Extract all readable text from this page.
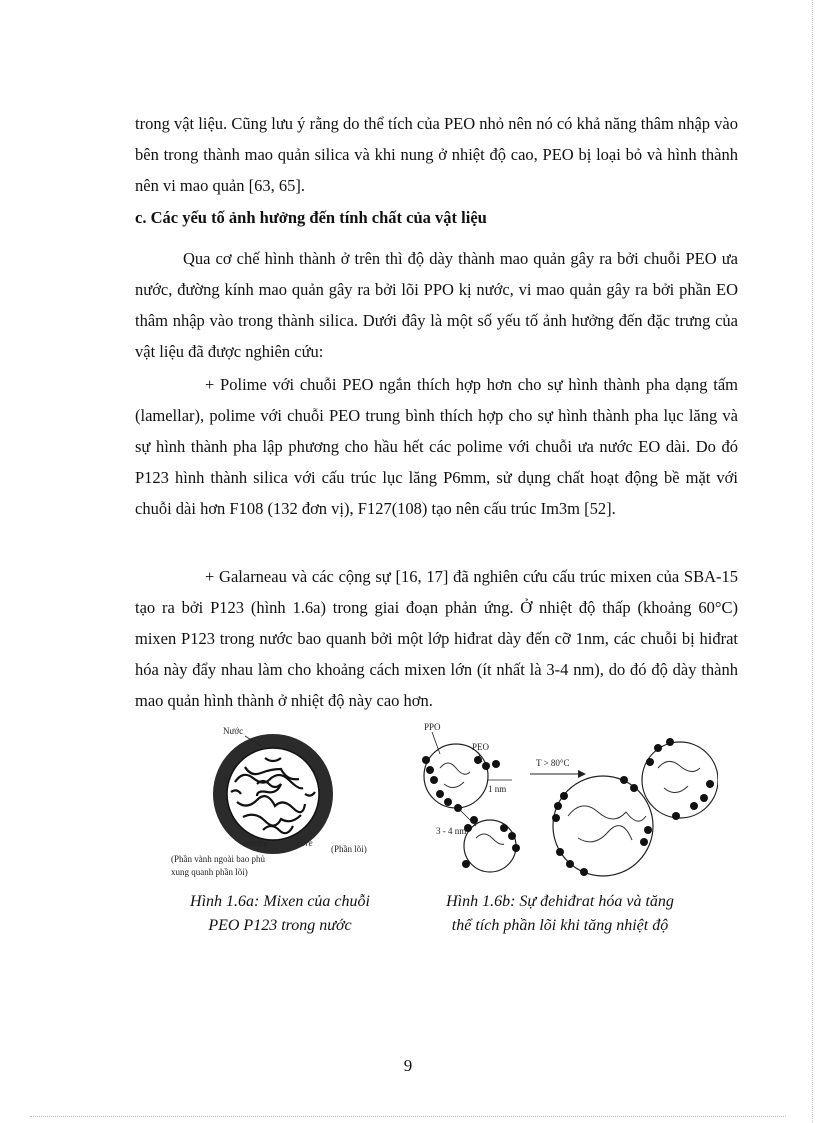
trong vật liệu. Cũng lưu ý rằng do thể tích của PEO nhỏ nên nó có khả năng thâm nhập vào bên trong thành mao quản silica và khi nung ở nhiệt độ cao, PEO bị loại bỏ và hình thành nên vi mao quản [63, 65].

c. Các yếu tố ảnh hưởng đến tính chất của vật liệu

Qua cơ chế hình thành ở trên thì độ dày thành mao quản gây ra bởi chuỗi PEO ưa nước, đường kính mao quản gây ra bởi lõi PPO kị nước, vi mao quản gây ra bởi phần EO thâm nhập vào trong thành silica. Dưới đây là một số yếu tố ảnh hưởng đến đặc trưng của vật liệu đã được nghiên cứu:

+ Polime với chuỗi PEO ngắn thích hợp hơn cho sự hình thành pha dạng tấm (lamellar), polime với chuỗi PEO trung bình thích hợp cho sự hình thành pha lục lăng và sự hình thành pha lập phương cho hầu hết các polime với chuỗi ưa nước EO dài. Do đó P123 hình thành silica với cấu trúc lục lăng P6mm, sử dụng chất hoạt động bề mặt với chuỗi dài hơn F108 (132 đơn vị), F127(108) tạo nên cấu trúc Im3m [52].

+ Galarneau và các cộng sự [16, 17] đã nghiên cứu cấu trúc mixen của SBA-15 tạo ra bởi P123 (hình 1.6a) trong giai đoạn phản ứng. Ở nhiệt độ thấp (khoảng 60°C) mixen P123 trong nước bao quanh bởi một lớp hiđrat dày đến cỡ 1nm, các chuỗi bị hiđrat hóa này đẩy nhau làm cho khoảng cách mixen lớn (ít nhất là 3-4 nm), do đó độ dày thành mao quản hình thành ở nhiệt độ này cao hơn.

Nước
corona	core
(Phần lõi)
(Phần vành ngoài bao phủ
xung quanh phần lõi)

Hình 1.6a: Mixen của chuỗi
PEO P123 trong nước

T > 80°C
PPO
PEO
1 nm
3 - 4 nm

Hình 1.6b: Sự đehiđrat hóa và tăng
thể tích phần lõi khi tăng nhiệt độ

9
